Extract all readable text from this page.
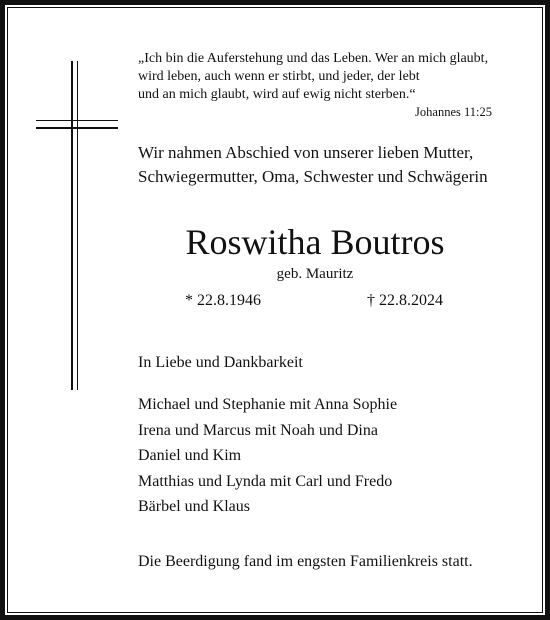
„Ich bin die Auferstehung und das Leben. Wer an mich glaubt,
wird leben, auch wenn er stirbt, und jeder, der lebt
und an mich glaubt, wird auf ewig nicht sterben.“
Johannes 11:25
Wir nahmen Abschied von unserer lieben Mutter,
Schwiegermutter, Oma, Schwester und Schwägerin
Roswitha Boutros
geb. Mauritz
* 22.8.1946	† 22.8.2024
In Liebe und Dankbarkeit
Michael und Stephanie mit Anna Sophie
Irena und Marcus mit Noah und Dina
Daniel und Kim
Matthias und Lynda mit Carl und Fredo
Bärbel und Klaus
Die Beerdigung fand im engsten Familienkreis statt.
